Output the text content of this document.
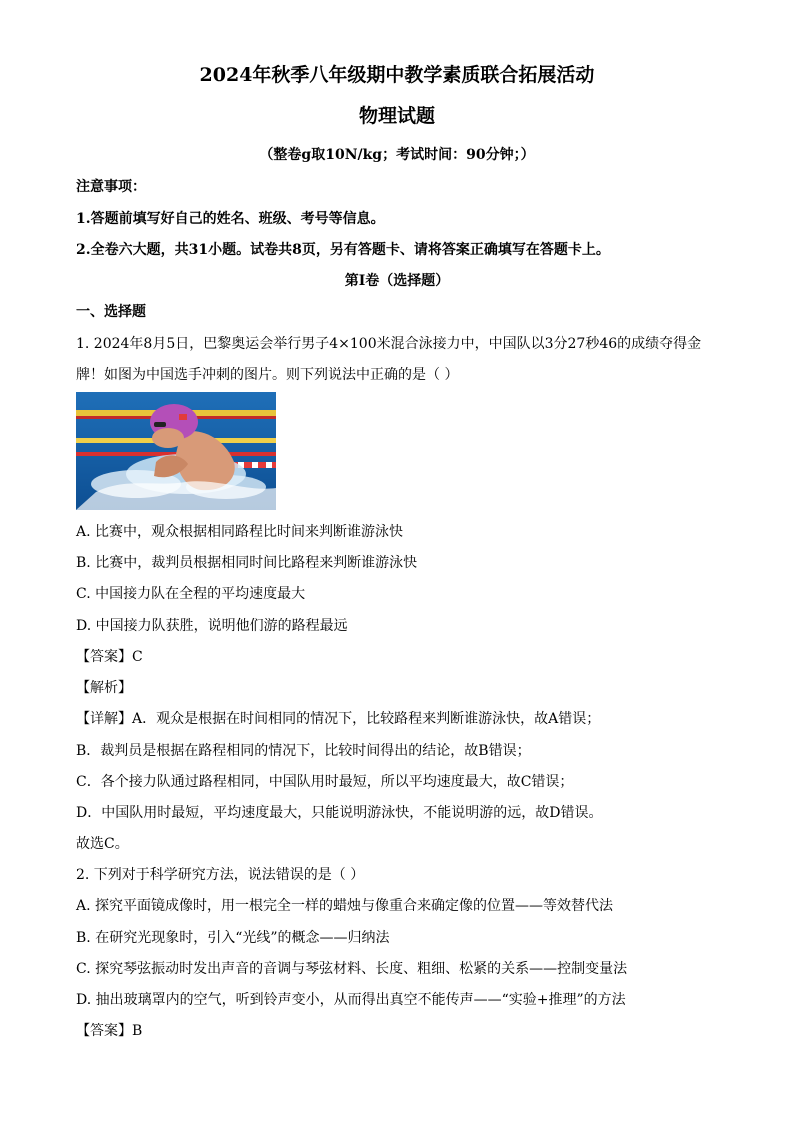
2024年秋季八年级期中教学素质联合拓展活动
物理试题
（整卷g取10N/kg；考试时间：90分钟；）
注意事项：
1.答题前填写好自己的姓名、班级、考号等信息。
2.全卷六大题，共31小题。试卷共8页，另有答题卡、请将答案正确填写在答题卡上。
第Ⅰ卷（选择题）
一、选择题
1. 2024年8月5日，巴黎奥运会举行男子4×100米混合泳接力中，中国队以3分27秒46的成绩夺得金
牌！如图为中国选手冲刺的图片。则下列说法中正确的是（ ）
A. 比赛中，观众根据相同路程比时间来判断谁游泳快
B. 比赛中，裁判员根据相同时间比路程来判断谁游泳快
C. 中国接力队在全程的平均速度最大
D. 中国接力队获胜，说明他们游的路程最远
【答案】C
【解析】
【详解】A．观众是根据在时间相同的情况下，比较路程来判断谁游泳快，故A错误；
B．裁判员是根据在路程相同的情况下，比较时间得出的结论，故B错误；
C．各个接力队通过路程相同，中国队用时最短，所以平均速度最大，故C错误；
D．中国队用时最短，平均速度最大，只能说明游泳快，不能说明游的远，故D错误。
故选C。
2. 下列对于科学研究方法，说法错误的是（ ）
A. 探究平面镜成像时，用一根完全一样的蜡烛与像重合来确定像的位置——等效替代法
B. 在研究光现象时，引入“光线”的概念——归纳法
C. 探究琴弦振动时发出声音的音调与琴弦材料、长度、粗细、松紧的关系——控制变量法
D. 抽出玻璃罩内的空气，听到铃声变小，从而得出真空不能传声——“实验+推理”的方法
【答案】B
